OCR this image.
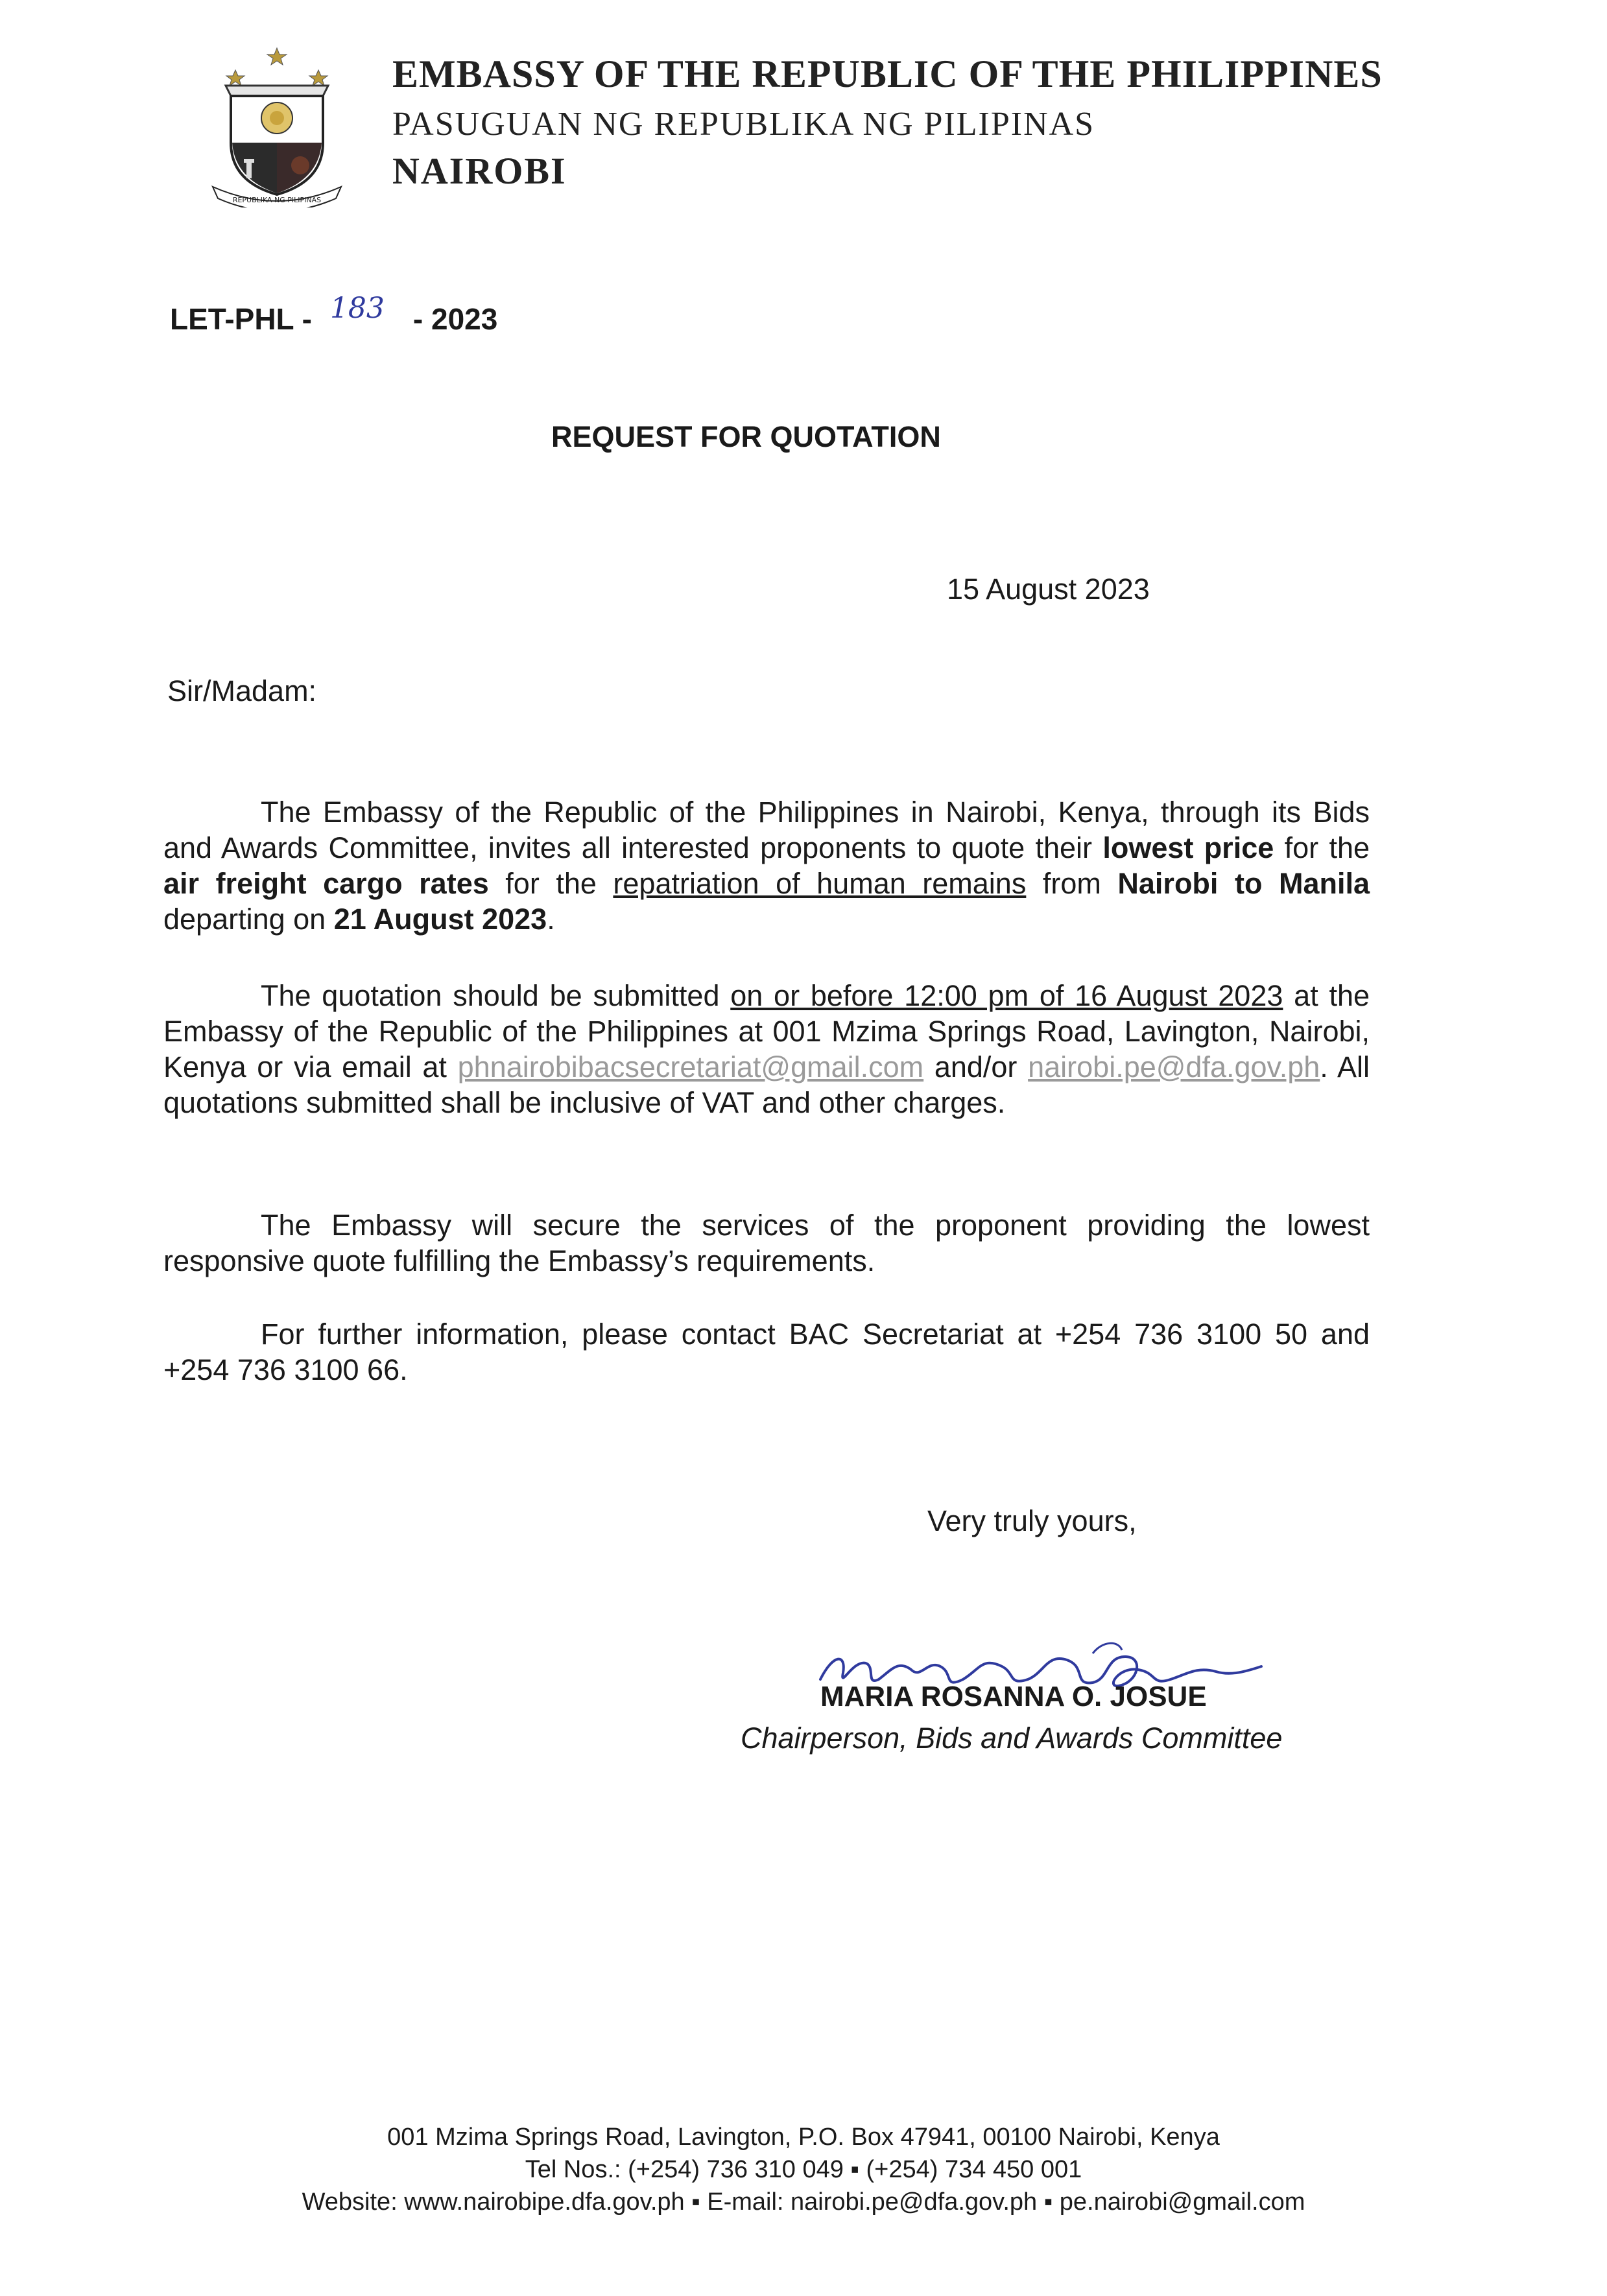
REPUBLIKA NG PILIPINAS
EMBASSY OF THE REPUBLIC OF THE PHILIPPINES
PASUGUAN NG REPUBLIKA NG PILIPINAS
NAIROBI
LET-PHL - 183 - 2023
REQUEST FOR QUOTATION
15 August 2023
Sir/Madam:
The Embassy of the Republic of the Philippines in Nairobi, Kenya, through its Bids and Awards Committee, invites all interested proponents to quote their lowest price for the air freight cargo rates for the repatriation of human remains from Nairobi to Manila departing on 21 August 2023.
The quotation should be submitted on or before 12:00 pm of 16 August 2023 at the Embassy of the Republic of the Philippines at 001 Mzima Springs Road, Lavington, Nairobi, Kenya or via email at phnairobibacsecretariat@gmail.com and/or nairobi.pe@dfa.gov.ph. All quotations submitted shall be inclusive of VAT and other charges.
The Embassy will secure the services of the proponent providing the lowest responsive quote fulfilling the Embassy’s requirements.
For further information, please contact BAC Secretariat at +254 736 3100 50 and +254 736 3100 66.
Very truly yours,
MARIA ROSANNA O. JOSUE
Chairperson, Bids and Awards Committee
001 Mzima Springs Road, Lavington, P.O. Box 47941, 00100 Nairobi, Kenya
Tel Nos.: (+254) 736 310 049 ▪ (+254) 734 450 001
Website: www.nairobipe.dfa.gov.ph ▪ E-mail: nairobi.pe@dfa.gov.ph ▪ pe.nairobi@gmail.com
